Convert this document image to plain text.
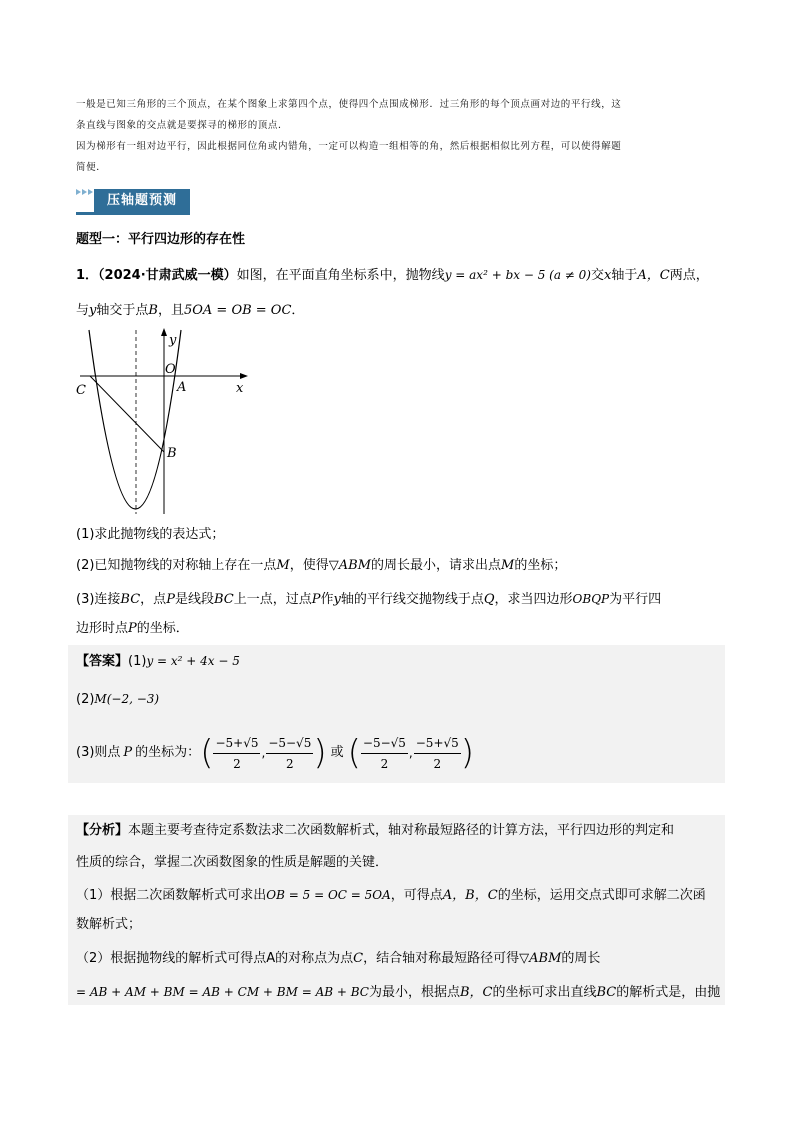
一般是已知三角形的三个顶点，在某个图象上求第四个点，使得四个点围成梯形．过三角形的每个顶点画对边的平行线，这
条直线与图象的交点就是要探寻的梯形的顶点．
因为梯形有一组对边平行，因此根据同位角或内错角，一定可以构造一组相等的角，然后根据相似比列方程，可以使得解题
简便．
压轴题预测
题型一：平行四边形的存在性
1．（2024·甘肃武威一模）如图，在平面直角坐标系中，抛物线y = ax² + bx − 5 (a ≠ 0)交x轴于A，C两点，
与y轴交于点B，且5OA = OB = OC．
y
x
O
A
C
B
(1)求此抛物线的表达式；
(2)已知抛物线的对称轴上存在一点M，使得▽ABM的周长最小，请求出点M的坐标；
(3)连接BC，点P是线段BC上一点，过点P作y轴的平行线交抛物线于点Q，求当四边形OBQP为平行四
边形时点P的坐标．
【答案】(1)y = x² + 4x − 5
(2)M(−2, −3)
(3)则点 P 的坐标为： ( $\frac{-5+√5}{2}$ , $\frac{-5-√5}{2}$ ) 或 ( $\frac{-5-√5}{2}$ , $\frac{-5+√5}{2}$ )
【分析】本题主要考查待定系数法求二次函数解析式，轴对称最短路径的计算方法，平行四边形的判定和
性质的综合，掌握二次函数图象的性质是解题的关键．
（1）根据二次函数解析式可求出OB = 5 = OC = 5OA，可得点A，B，C的坐标，运用交点式即可求解二次函
数解析式；
（2）根据抛物线的解析式可得点A的对称点为点C，结合轴对称最短路径可得▽ABM的周长
= AB + AM + BM = AB + CM + BM = AB + BC为最小，根据点B，C的坐标可求出直线BC的解析式是，由抛
